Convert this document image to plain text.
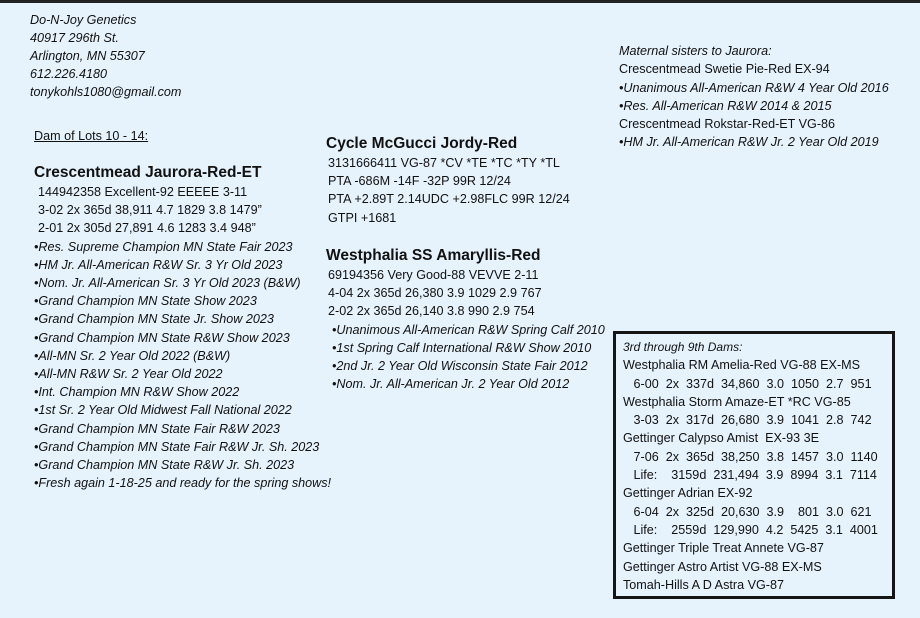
Do-N-Joy Genetics
40917 296th St.
Arlington, MN 55307
612.226.4180
tonykohls1080@gmail.com
Dam of Lots 10 - 14:
Crescentmead Jaurora-Red-ET
144942358 Excellent-92 EEEEE 3-11
3-02 2x 365d 38,911 4.7 1829 3.8 1479”
2-01 2x 305d 27,891 4.6 1283 3.4 948”
•Res. Supreme Champion MN State Fair 2023
•HM Jr. All-American R&W Sr. 3 Yr Old 2023
•Nom. Jr. All-American Sr. 3 Yr Old 2023 (B&W)
•Grand Champion MN State Show 2023
•Grand Champion MN State Jr. Show 2023
•Grand Champion MN State R&W Show 2023
•All-MN Sr. 2 Year Old 2022 (B&W)
•All-MN R&W Sr. 2 Year Old 2022
•Int. Champion MN R&W Show 2022
•1st Sr. 2 Year Old Midwest Fall National 2022
•Grand Champion MN State Fair R&W 2023
•Grand Champion MN State Fair R&W Jr. Sh. 2023
•Grand Champion MN State R&W Jr. Sh. 2023
•Fresh again 1-18-25 and ready for the spring shows!
Cycle McGucci Jordy-Red
3131666411 VG-87 *CV *TE *TC *TY *TL
PTA -686M -14F -32P 99R 12/24
PTA +2.89T 2.14UDC +2.98FLC 99R 12/24
GTPI +1681
Westphalia SS Amaryllis-Red
69194356 Very Good-88 VEVVE 2-11
4-04 2x 365d 26,380 3.9 1029 2.9 767
2-02 2x 365d 26,140 3.8 990 2.9 754
•Unanimous All-American R&W Spring Calf 2010
•1st Spring Calf International R&W Show 2010
•2nd Jr. 2 Year Old Wisconsin State Fair 2012
•Nom. Jr. All-American Jr. 2 Year Old 2012
Maternal sisters to Jaurora:
Crescentmead Swetie Pie-Red EX-94
•Unanimous All-American R&W 4 Year Old 2016
•Res. All-American R&W 2014 & 2015
Crescentmead Rokstar-Red-ET VG-86
•HM Jr. All-American R&W Jr. 2 Year Old 2019
3rd through 9th Dams:
Westphalia RM Amelia-Red VG-88 EX-MS
6-00  2x  337d  34,860  3.0  1050  2.7  951
Westphalia Storm Amaze-ET *RC VG-85
3-03  2x  317d  26,680  3.9  1041  2.8  742
Gettinger Calypso Amist  EX-93 3E
7-06  2x  365d  38,250  3.8  1457  3.0  1140
Life:    3159d  231,494  3.9  8994  3.1  7114
Gettinger Adrian EX-92
6-04  2x  325d  20,630  3.9    801  3.0  621
Life:    2559d  129,990  4.2  5425  3.1  4001
Gettinger Triple Treat Annete VG-87
Gettinger Astro Artist VG-88 EX-MS
Tomah-Hills A D Astra VG-87
